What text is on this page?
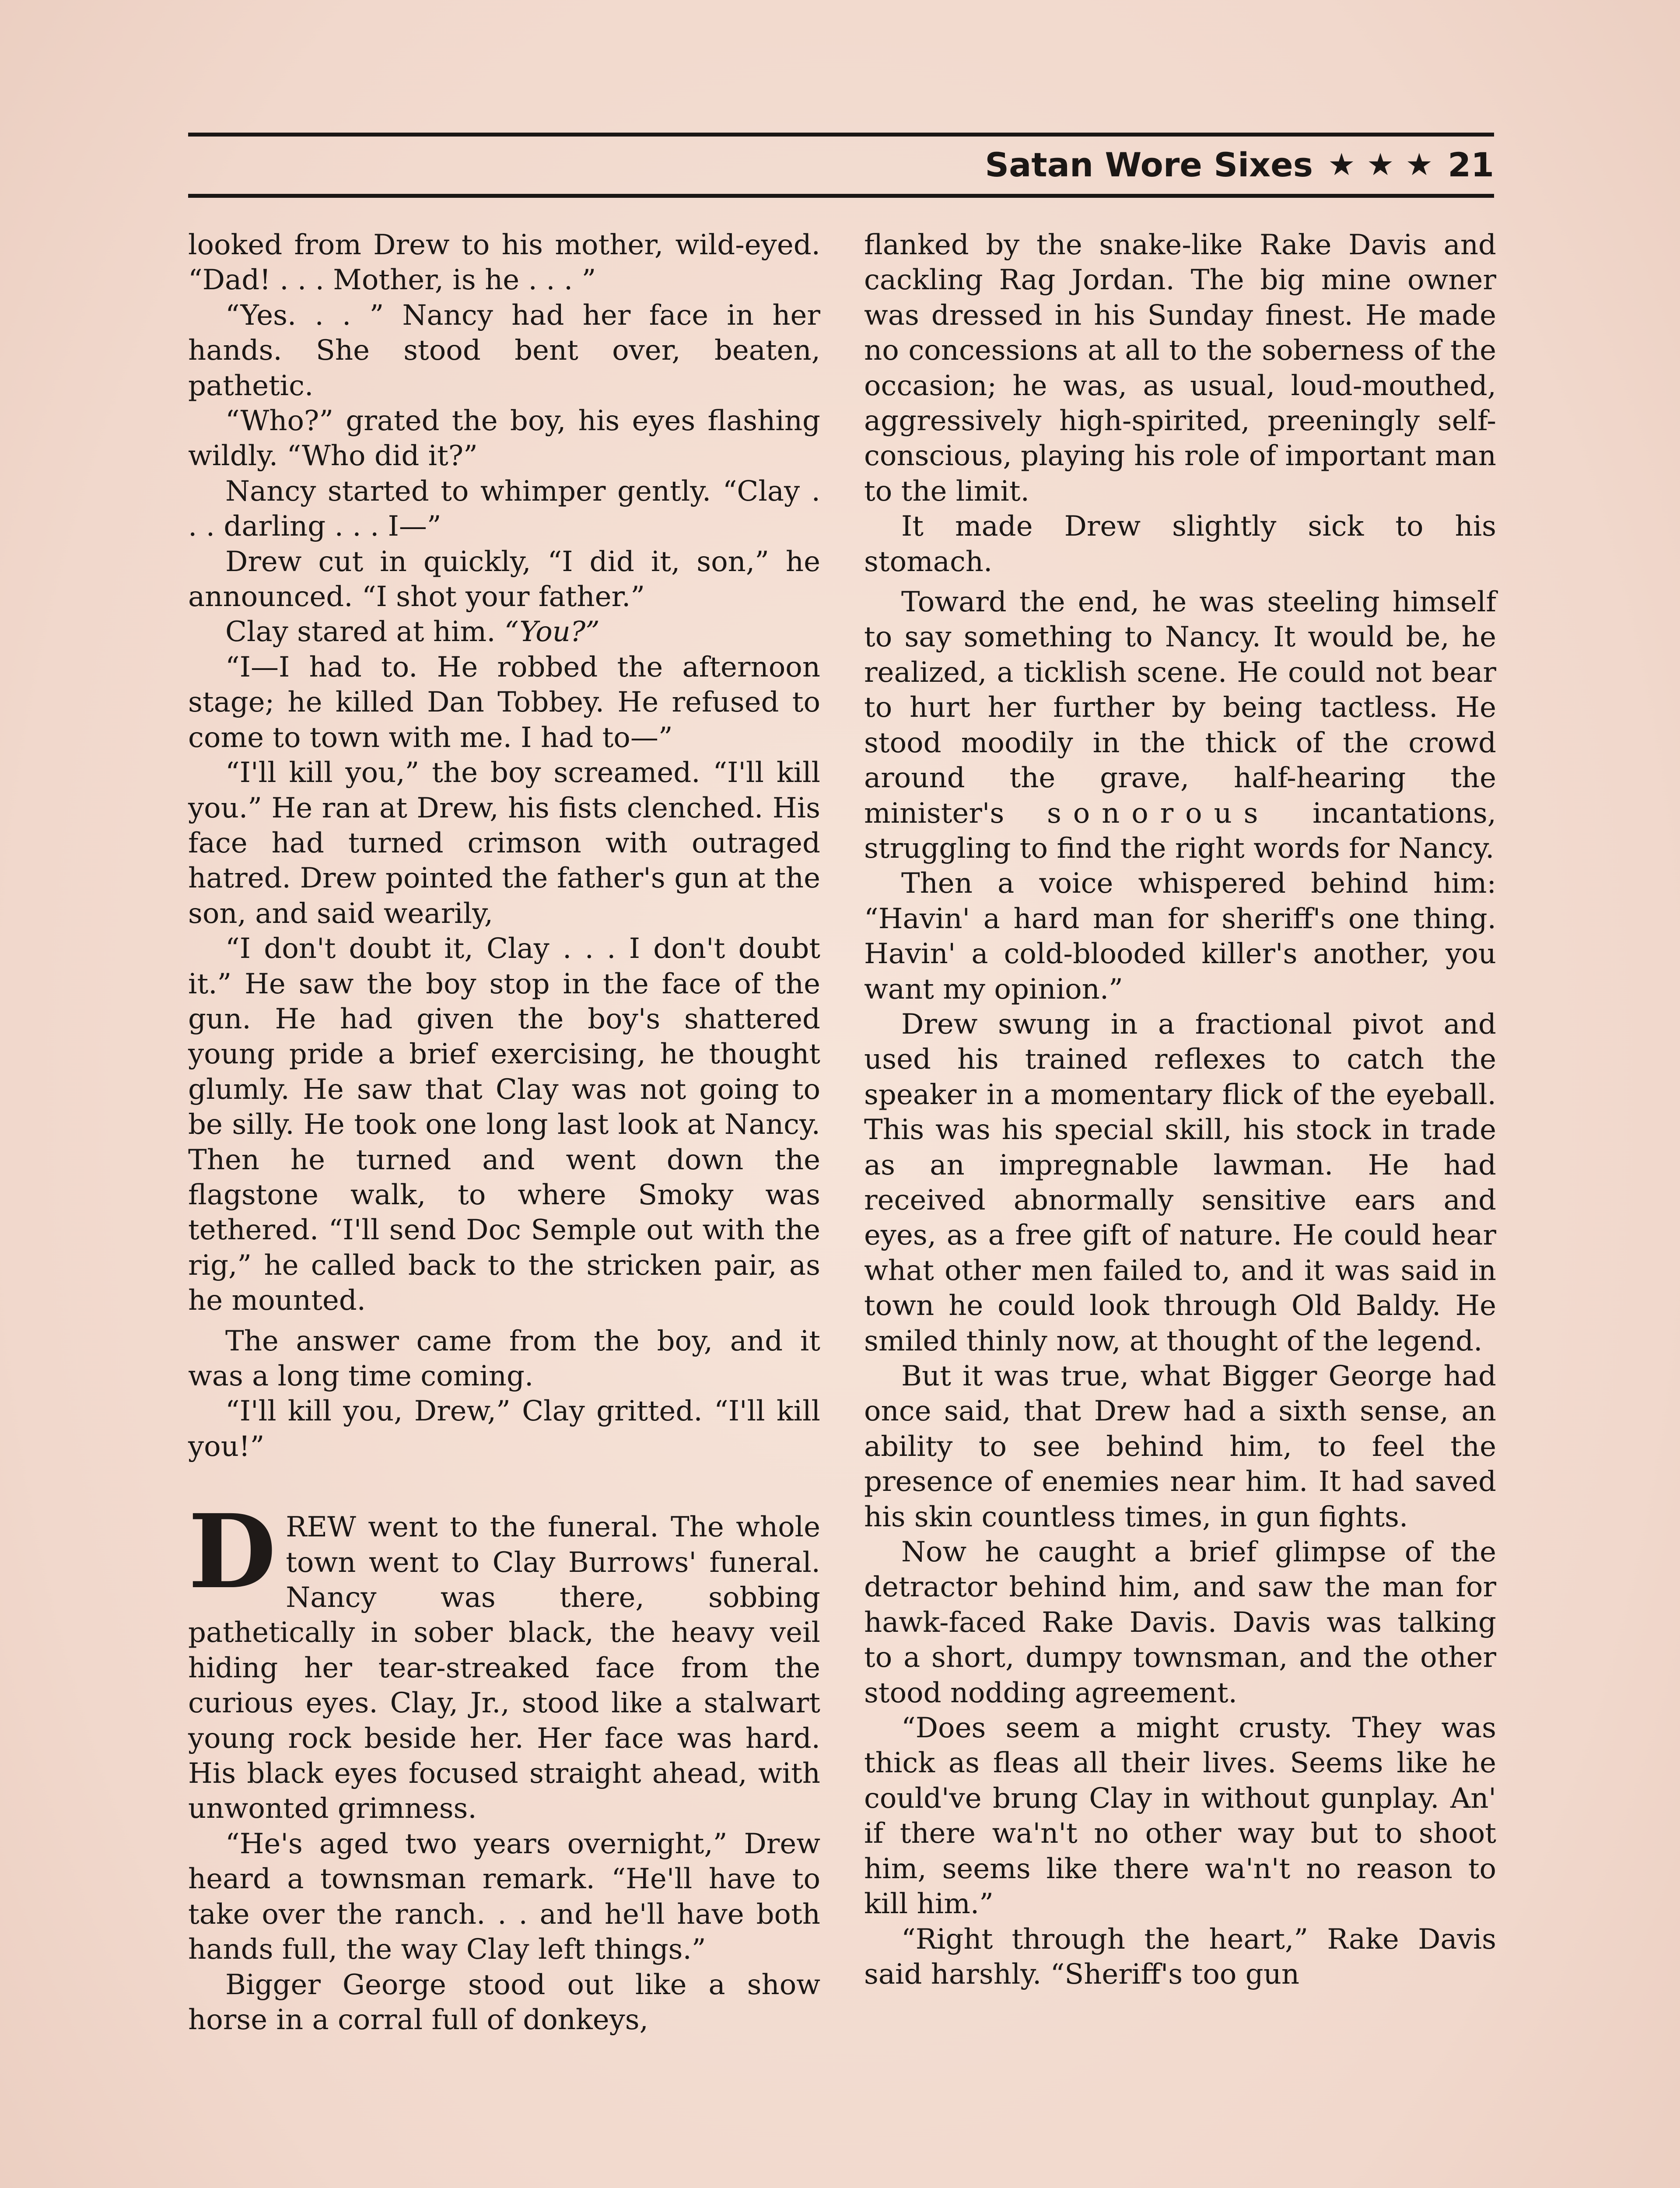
Satan Wore Sixes ★ ★ ★ 21

looked from Drew to his mother, wild-eyed. “Dad! . . . Mother, is he . . . ”

“Yes. . . ” Nancy had her face in her hands. She stood bent over, beaten, pathetic.

“Who?” grated the boy, his eyes flashing wildly. “Who did it?”

Nancy started to whimper gently. “Clay . . . darling . . . I—”

Drew cut in quickly, “I did it, son,” he announced. “I shot your father.”

Clay stared at him. “You?”

“I—I had to. He robbed the afternoon stage; he killed Dan Tobbey. He refused to come to town with me. I had to—”

“I'll kill you,” the boy screamed. “I'll kill you.” He ran at Drew, his fists clenched. His face had turned crimson with outraged hatred. Drew pointed the father's gun at the son, and said wearily,

“I don't doubt it, Clay . . . I don't doubt it.” He saw the boy stop in the face of the gun. He had given the boy's shattered young pride a brief exercising, he thought glumly. He saw that Clay was not going to be silly. He took one long last look at Nancy. Then he turned and went down the flagstone walk, to where Smoky was tethered. “I'll send Doc Semple out with the rig,” he called back to the stricken pair, as he mounted.

The answer came from the boy, and it was a long time coming.

“I'll kill you, Drew,” Clay gritted. “I'll kill you!”

DREW went to the funeral. The whole town went to Clay Burrows' funeral. Nancy was there, sobbing pathetically in sober black, the heavy veil hiding her tear-streaked face from the curious eyes. Clay, Jr., stood like a stalwart young rock beside her. Her face was hard. His black eyes focused straight ahead, with unwonted grimness.

“He's aged two years overnight,” Drew heard a townsman remark. “He'll have to take over the ranch. . . and he'll have both hands full, the way Clay left things.”

Bigger George stood out like a show horse in a corral full of donkeys,

flanked by the snake-like Rake Davis and cackling Rag Jordan. The big mine owner was dressed in his Sunday finest. He made no concessions at all to the soberness of the occasion; he was, as usual, loud-mouthed, aggressively high-spirited, preeningly self-conscious, playing his role of important man to the limit.

It made Drew slightly sick to his stomach.

Toward the end, he was steeling himself to say something to Nancy. It would be, he realized, a ticklish scene. He could not bear to hurt her further by being tactless. He stood moodily in the thick of the crowd around the grave, half-hearing the minister's sonorous incantations, struggling to find the right words for Nancy.

Then a voice whispered behind him: “Havin' a hard man for sheriff's one thing. Havin' a cold-blooded killer's another, you want my opinion.”

Drew swung in a fractional pivot and used his trained reflexes to catch the speaker in a momentary flick of the eyeball. This was his special skill, his stock in trade as an impregnable lawman. He had received abnormally sensitive ears and eyes, as a free gift of nature. He could hear what other men failed to, and it was said in town he could look through Old Baldy. He smiled thinly now, at thought of the legend.

But it was true, what Bigger George had once said, that Drew had a sixth sense, an ability to see behind him, to feel the presence of enemies near him. It had saved his skin countless times, in gun fights.

Now he caught a brief glimpse of the detractor behind him, and saw the man for hawk-faced Rake Davis. Davis was talking to a short, dumpy townsman, and the other stood nodding agreement.

“Does seem a might crusty. They was thick as fleas all their lives. Seems like he could've brung Clay in without gunplay. An' if there wa'n't no other way but to shoot him, seems like there wa'n't no reason to kill him.”

“Right through the heart,” Rake Davis said harshly. “Sheriff's too gun
